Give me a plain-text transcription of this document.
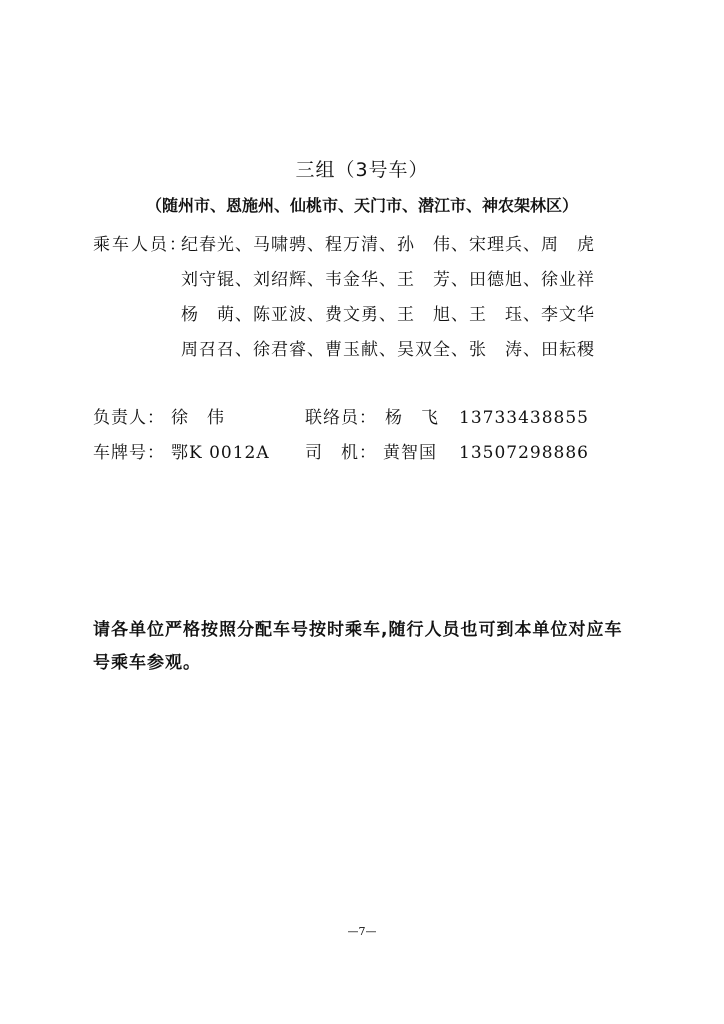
三组（3号车）
（随州市、恩施州、仙桃市、天门市、潜江市、神农架林区）
乘车人员：
纪春光、马啸骋、程万清、孙　伟、宋理兵、周　虎
刘守锟、刘绍辉、韦金华、王　芳、田德旭、徐业祥
杨　萌、陈亚波、费文勇、王　旭、王　珏、李文华
周召召、徐君睿、曹玉献、吴双全、张　涛、田耘稷
负责人： 徐　伟	联络员： 杨　飞 13733438855
车牌号： 鄂K 0012A 司　机： 黄智国 13507298886
请各单位严格按照分配车号按时乘车,随行人员也可到本单位对应车号乘车参观。
—7—
